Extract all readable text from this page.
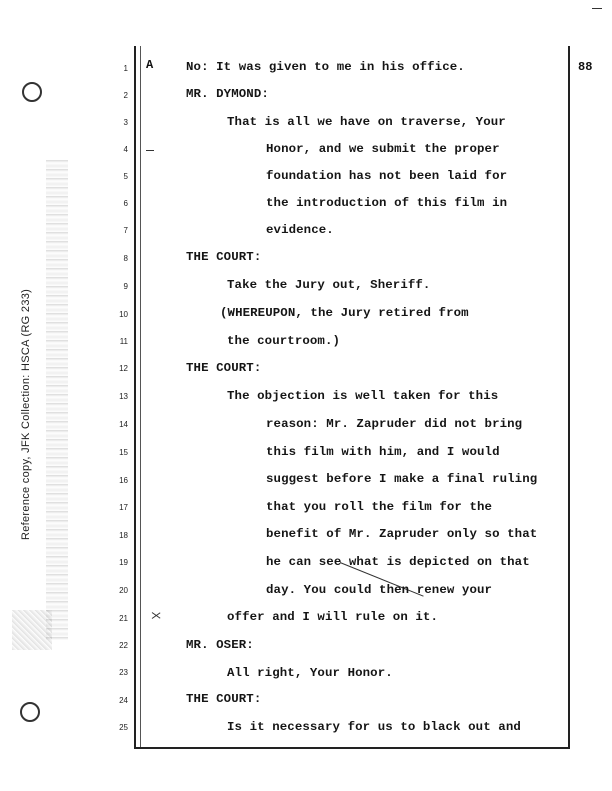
Reference copy, JFK Collection: HSCA (RG 233)
88
A
1
2
3
4
5
6
7
8
9
10
11
12
13
14
15
16
17
18
19
20
21
22
23
24
25
No: It was given to me in his office.
MR. DYMOND:
That is all we have on traverse, Your
Honor, and we submit the proper
foundation has not been laid for
the introduction of this film in
evidence.
THE COURT:
Take the Jury out, Sheriff.
(WHEREUPON, the Jury retired from
the courtroom.)
THE COURT:
The objection is well taken for this
reason: Mr. Zapruder did not bring
this film with him, and I would
suggest before I make a final ruling
that you roll the film for the
benefit of Mr. Zapruder only so that
he can see what is depicted on that
day. You could then renew your
offer and I will rule on it.
MR. OSER:
All right, Your Honor.
THE COURT:
Is it necessary for us to black out and
